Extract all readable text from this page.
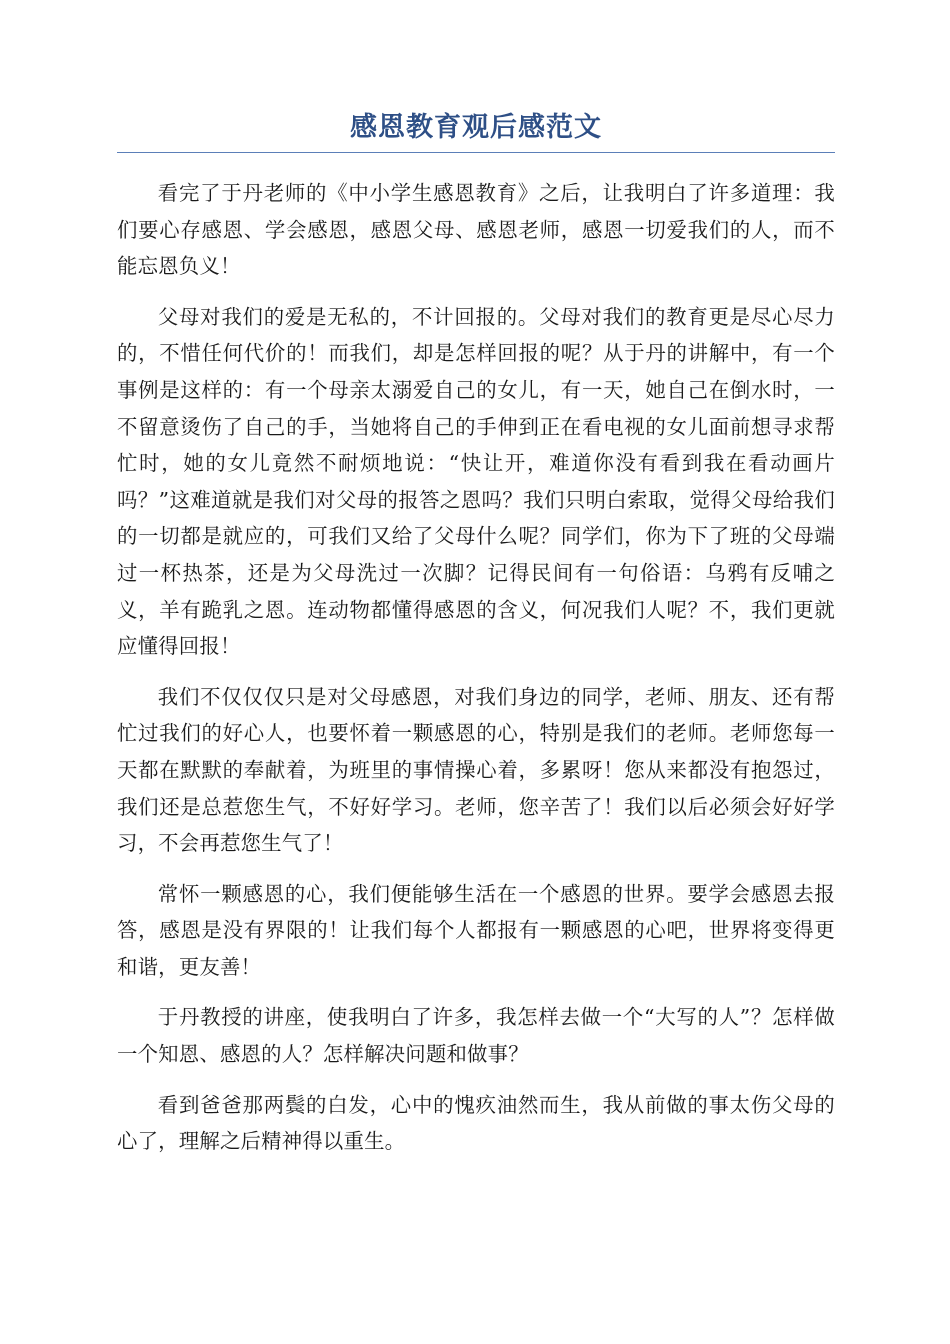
感恩教育观后感范文

看完了于丹老师的《中小学生感恩教育》之后，让我明白了许多道理：我们要心存感恩、学会感恩，感恩父母、感恩老师，感恩一切爱我们的人，而不能忘恩负义！

父母对我们的爱是无私的，不计回报的。父母对我们的教育更是尽心尽力的，不惜任何代价的！而我们，却是怎样回报的呢？从于丹的讲解中，有一个事例是这样的：有一个母亲太溺爱自己的女儿，有一天，她自己在倒水时，一不留意烫伤了自己的手，当她将自己的手伸到正在看电视的女儿面前想寻求帮忙时，她的女儿竟然不耐烦地说：“快让开，难道你没有看到我在看动画片吗？”这难道就是我们对父母的报答之恩吗？我们只明白索取，觉得父母给我们的一切都是就应的，可我们又给了父母什么呢？同学们，你为下了班的父母端过一杯热茶，还是为父母洗过一次脚？记得民间有一句俗语：乌鸦有反哺之义，羊有跪乳之恩。连动物都懂得感恩的含义，何况我们人呢？不，我们更就应懂得回报！

我们不仅仅仅只是对父母感恩，对我们身边的同学，老师、朋友、还有帮忙过我们的好心人，也要怀着一颗感恩的心，特别是我们的老师。老师您每一天都在默默的奉献着，为班里的事情操心着，多累呀！您从来都没有抱怨过，我们还是总惹您生气，不好好学习。老师，您辛苦了！我们以后必须会好好学习，不会再惹您生气了！

常怀一颗感恩的心，我们便能够生活在一个感恩的世界。要学会感恩去报答，感恩是没有界限的！让我们每个人都报有一颗感恩的心吧，世界将变得更和谐，更友善！

于丹教授的讲座，使我明白了许多，我怎样去做一个“大写的人”？怎样做一个知恩、感恩的人？怎样解决问题和做事？

看到爸爸那两鬓的白发，心中的愧疚油然而生，我从前做的事太伤父母的心了，理解之后精神得以重生。
